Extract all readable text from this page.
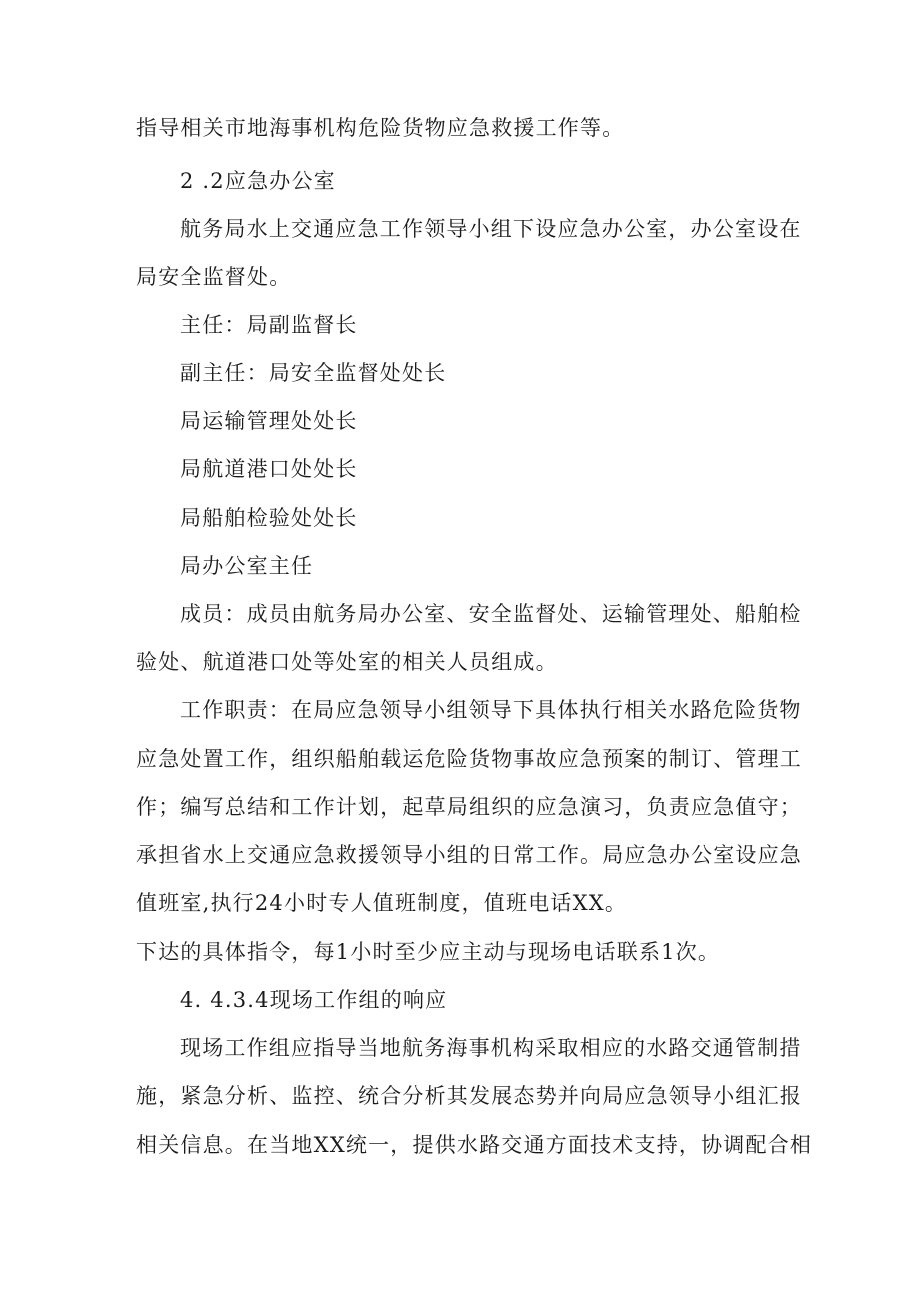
指导相关市地海事机构危险货物应急救援工作等。
2 .2应急办公室
航务局水上交通应急工作领导小组下设应急办公室，办公室设在
局安全监督处。
主任：局副监督长
副主任：局安全监督处处长
局运输管理处处长
局航道港口处处长
局船舶检验处处长
局办公室主任
成员：成员由航务局办公室、安全监督处、运输管理处、船舶检
验处、航道港口处等处室的相关人员组成。
工作职责：在局应急领导小组领导下具体执行相关水路危险货物
应急处置工作，组织船舶载运危险货物事故应急预案的制订、管理工
作；编写总结和工作计划，起草局组织的应急演习，负责应急值守；
承担省水上交通应急救援领导小组的日常工作。局应急办公室设应急
值班室,执行24小时专人值班制度，值班电话XX。
下达的具体指令，每1小时至少应主动与现场电话联系1次。
4. 4.3.4现场工作组的响应
现场工作组应指导当地航务海事机构采取相应的水路交通管制措
施，紧急分析、监控、统合分析其发展态势并向局应急领导小组汇报
相关信息。在当地XX统一，提供水路交通方面技术支持，协调配合相
